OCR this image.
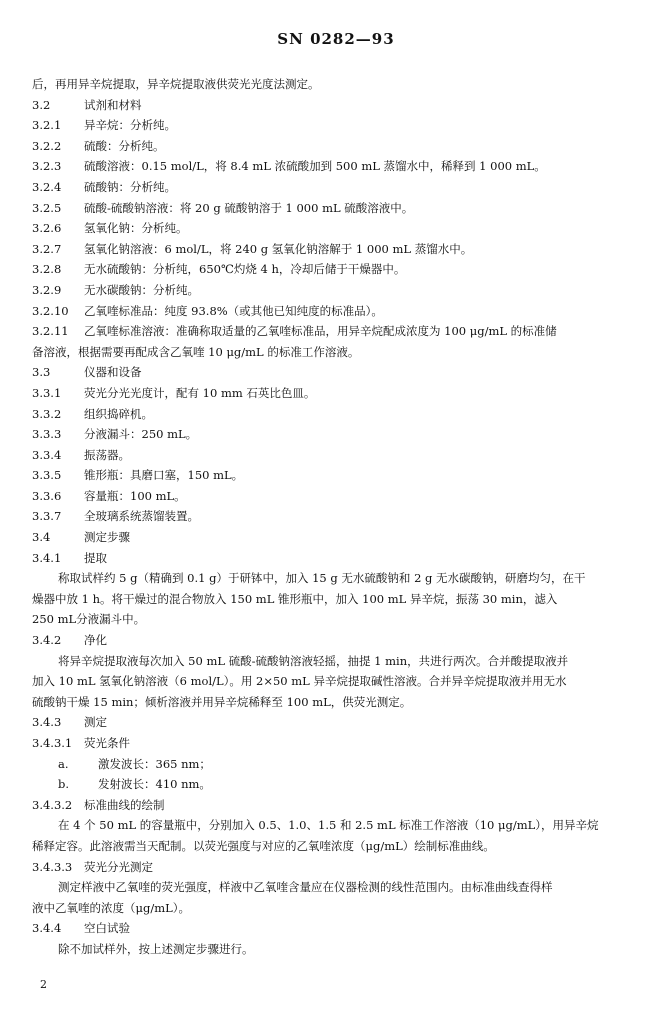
SN 0282—93
后，再用异辛烷提取，异辛烷提取液供荧光光度法测定。
3.2	试剂和材料
3.2.1 异辛烷：分析纯。
3.2.2 硫酸：分析纯。
3.2.3 硫酸溶液：0.15 mol/L，将 8.4 mL 浓硫酸加到 500 mL 蒸馏水中，稀释到 1 000 mL。
3.2.4 硫酸钠：分析纯。
3.2.5 硫酸-硫酸钠溶液：将 20 g 硫酸钠溶于 1 000 mL 硫酸溶液中。
3.2.6 氢氧化钠：分析纯。
3.2.7 氢氧化钠溶液：6 mol/L，将 240 g 氢氧化钠溶解于 1 000 mL 蒸馏水中。
3.2.8 无水硫酸钠：分析纯，650℃灼烧 4 h，冷却后储于干燥器中。
3.2.9 无水碳酸钠：分析纯。
3.2.10 乙氧喹标准品：纯度 93.8%（或其他已知纯度的标准品）。
3.2.11 乙氧喹标准溶液：准确称取适量的乙氧喹标准品，用异辛烷配成浓度为 100 μg/mL 的标准储
备溶液，根据需要再配成含乙氧喹 10 μg/mL 的标准工作溶液。
3.3	仪器和设备
3.3.1 荧光分光光度计，配有 10 mm 石英比色皿。
3.3.2 组织捣碎机。
3.3.3 分液漏斗：250 mL。
3.3.4 振荡器。
3.3.5 锥形瓶：具磨口塞，150 mL。
3.3.6 容量瓶：100 mL。
3.3.7 全玻璃系统蒸馏装置。
3.4	测定步骤
3.4.1 提取
称取试样约 5 g（精确到 0.1 g）于研钵中，加入 15 g 无水硫酸钠和 2 g 无水碳酸钠，研磨均匀，在干
燥器中放 1 h。将干燥过的混合物放入 150 mL 锥形瓶中，加入 100 mL 异辛烷，振荡 30 min，滤入
250 mL分液漏斗中。
3.4.2 净化
将异辛烷提取液每次加入 50 mL 硫酸-硫酸钠溶液轻摇，抽提 1 min，共进行两次。合并酸提取液并
加入 10 mL 氢氧化钠溶液（6 mol/L）。用 2×50 mL 异辛烷提取碱性溶液。合并异辛烷提取液并用无水
硫酸钠干燥 15 min；倾析溶液并用异辛烷稀释至 100 mL，供荧光测定。
3.4.3 测定
3.4.3.1 荧光条件
a.	激发波长：365 nm；
b.	发射波长：410 nm。
3.4.3.2 标准曲线的绘制
在 4 个 50 mL 的容量瓶中，分别加入 0.5、1.0、1.5 和 2.5 mL 标准工作溶液（10 μg/mL），用异辛烷
稀释定容。此溶液需当天配制。以荧光强度与对应的乙氧喹浓度（μg/mL）绘制标准曲线。
3.4.3.3 荧光分光测定
测定样液中乙氧喹的荧光强度，样液中乙氧喹含量应在仪器检测的线性范围内。由标准曲线查得样
液中乙氧喹的浓度（μg/mL）。
3.4.4 空白试验
除不加试样外，按上述测定步骤进行。
2
